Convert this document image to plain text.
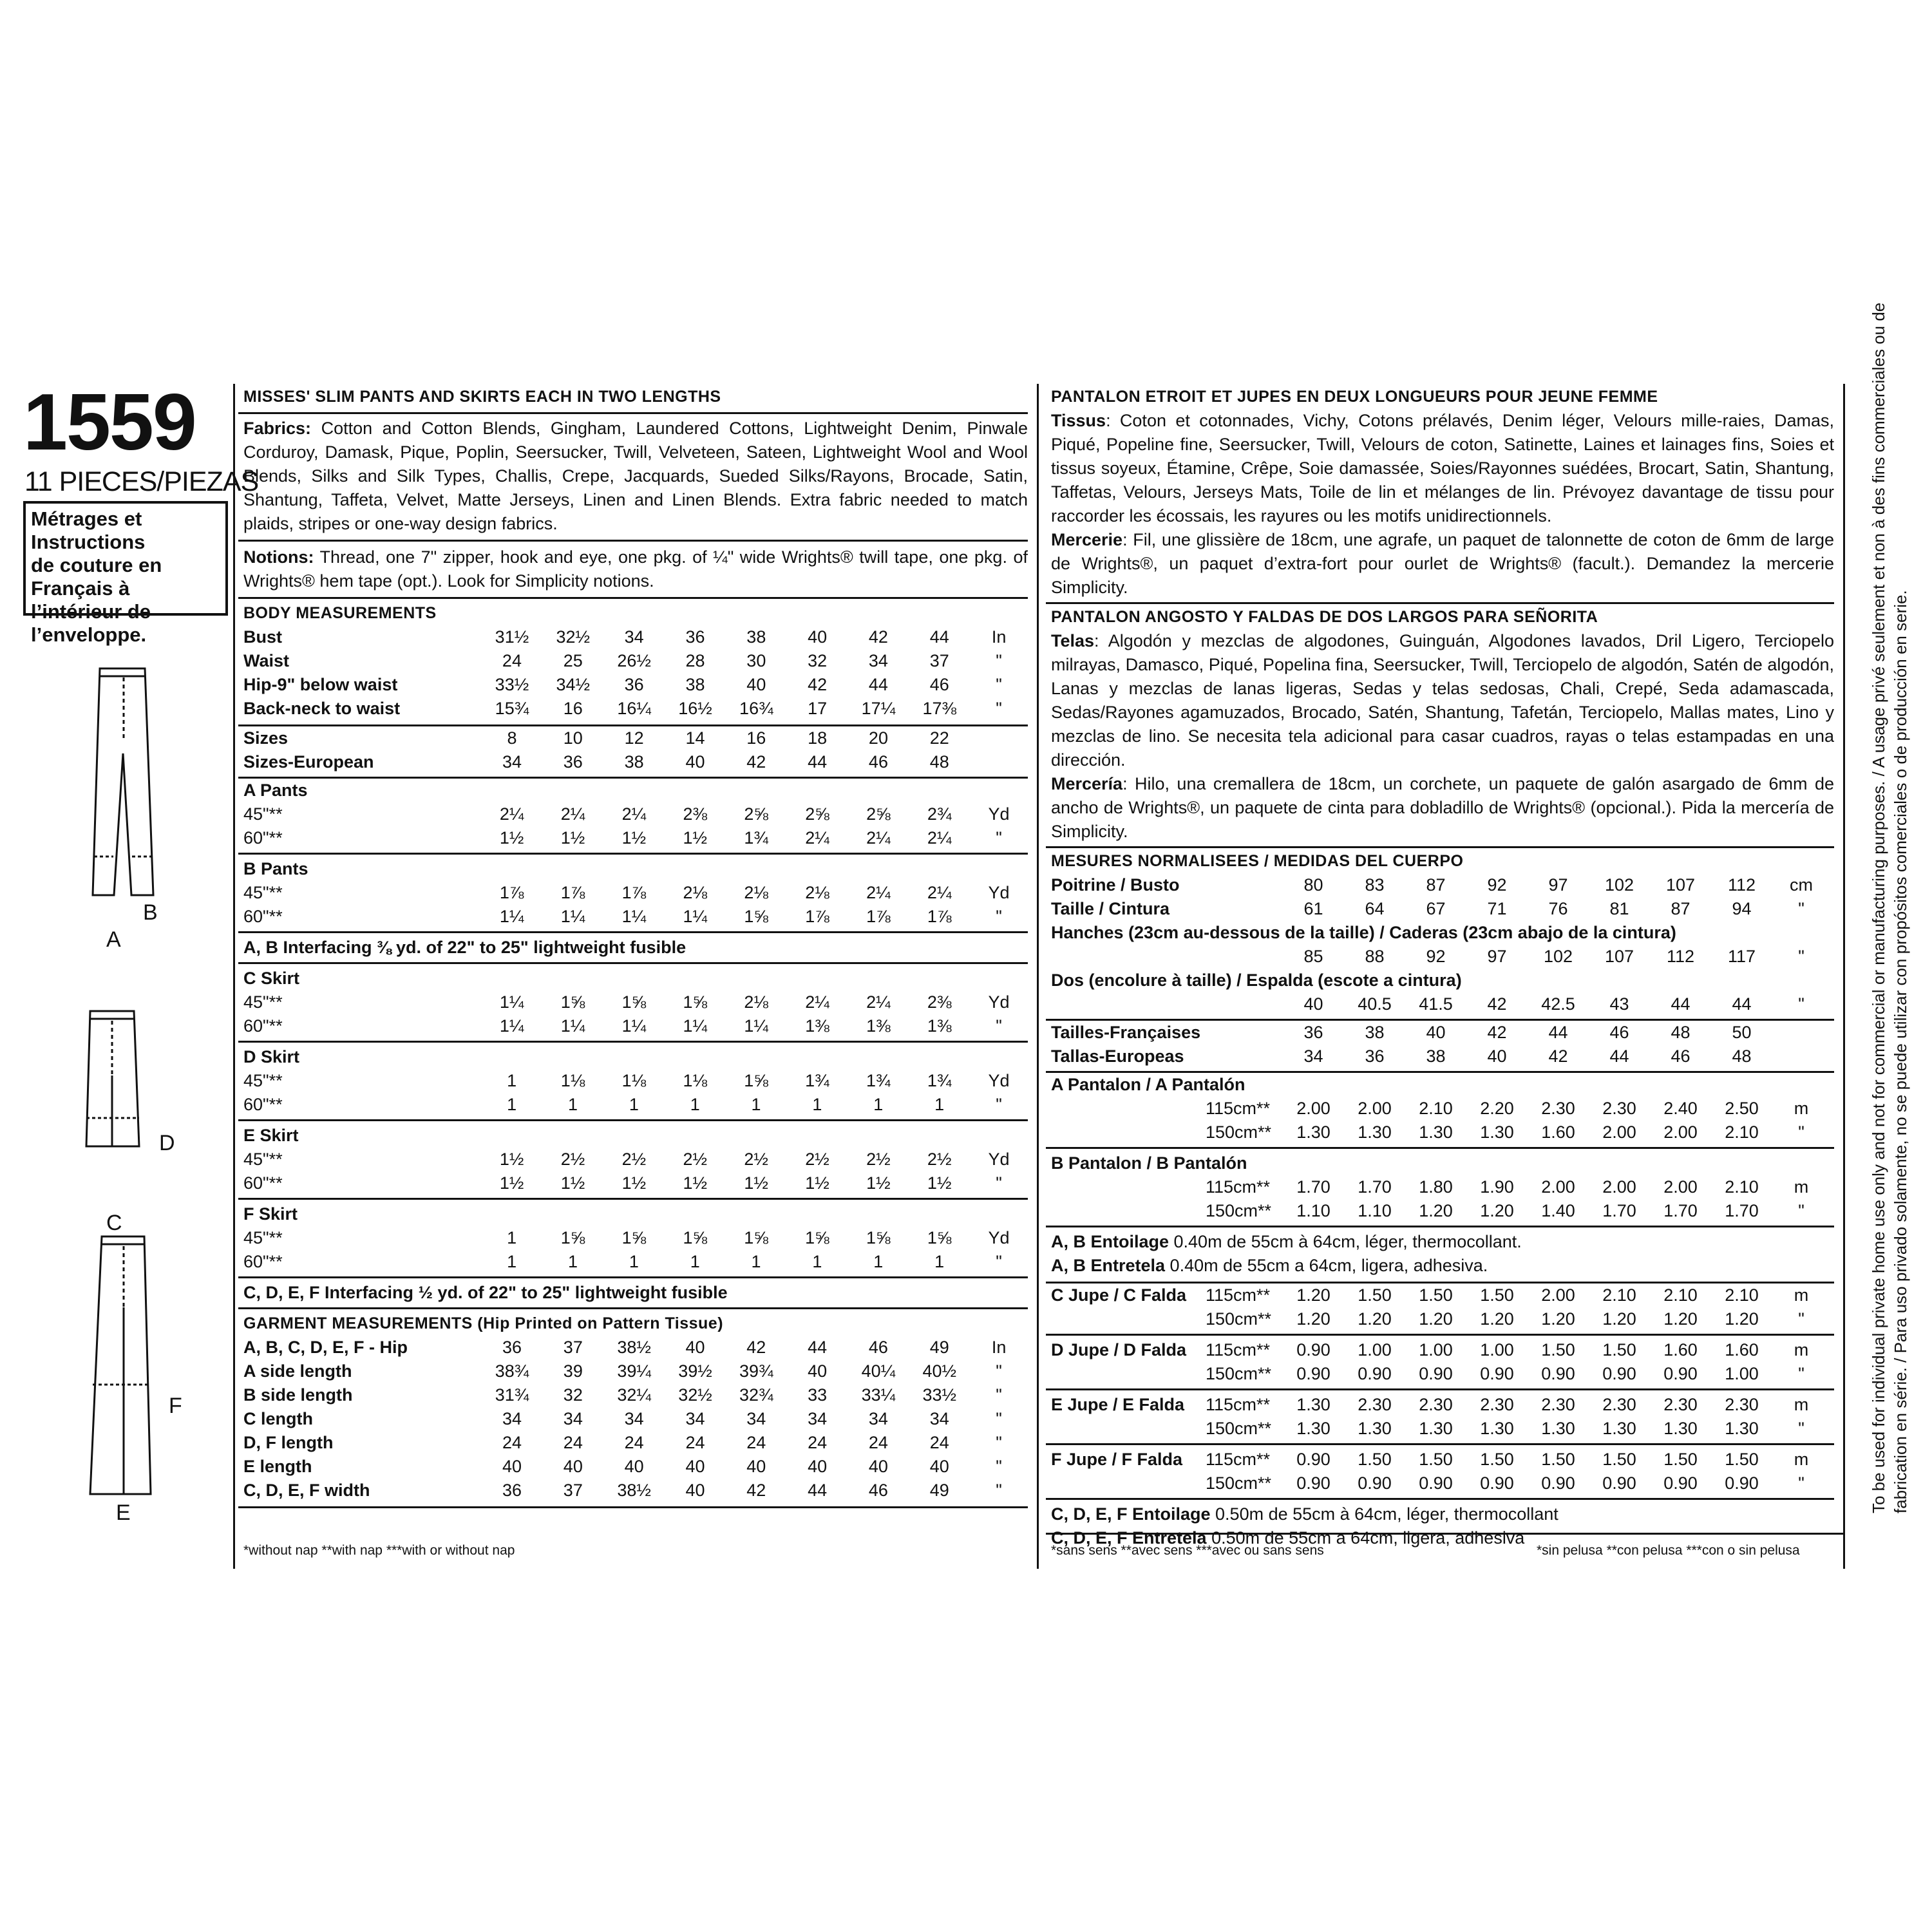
1559
11 PIECES/PIEZAS
Métrages et Instructions
de couture en Français à
l’intérieur de
l’enveloppe.
B
A
D
C
F
E
MISSES' SLIM PANTS AND SKIRTS EACH IN TWO LENGTHS

Fabrics: Cotton and Cotton Blends, Gingham, Laundered Cottons, Lightweight Denim, Pinwale Corduroy, Damask, Pique, Poplin, Seersucker, Twill, Velveteen, Sateen, Lightweight Wool and Wool Blends, Silks and Silk Types, Challis, Crepe, Jacquards, Sueded Silks/Rayons, Brocade, Satin, Shantung, Taffeta, Velvet, Matte Jerseys, Linen and Linen Blends. Extra fabric needed to match plaids, stripes or one-way design fabrics.

Notions: Thread, one 7" zipper, hook and eye, one pkg. of ¼" wide Wrights® twill tape, one pkg. of Wrights® hem tape (opt.). Look for Simplicity notions.

BODY MEASUREMENTS
Bust	31½	32½	34	36	38	40	42	44	In
Waist	24	25	26½	28	30	32	34	37	"
Hip-9" below waist	33½	34½	36	38	40	42	44	46	"
Back-neck to waist	15¾	16	16¼	16½	16¾	17	17¼	17⅜	"
Sizes	8	10	12	14	16	18	20	22	
Sizes-European	34	36	38	40	42	44	46	48	
A Pants
45"**	2¼	2¼	2¼	2⅜	2⅝	2⅝	2⅝	2¾	Yd
60"**	1½	1½	1½	1½	1¾	2¼	2¼	2¼	"
B Pants
45"**	1⅞	1⅞	1⅞	2⅛	2⅛	2⅛	2¼	2¼	Yd
60"**	1¼	1¼	1¼	1¼	1⅝	1⅞	1⅞	1⅞	"
A, B Interfacing ⅜ yd. of 22" to 25" lightweight fusible
C Skirt
45"**	1¼	1⅝	1⅝	1⅝	2⅛	2¼	2¼	2⅜	Yd
60"**	1¼	1¼	1¼	1¼	1¼	1⅜	1⅜	1⅜	"
D Skirt
45"**	1	1⅛	1⅛	1⅛	1⅝	1¾	1¾	1¾	Yd
60"**	1	1	1	1	1	1	1	1	"
E Skirt
45"**	1½	2½	2½	2½	2½	2½	2½	2½	Yd
60"**	1½	1½	1½	1½	1½	1½	1½	1½	"
F Skirt
45"**	1	1⅝	1⅝	1⅝	1⅝	1⅝	1⅝	1⅝	Yd
60"**	1	1	1	1	1	1	1	1	"
C, D, E, F Interfacing ½ yd. of 22" to 25" lightweight fusible
GARMENT MEASUREMENTS (Hip Printed on Pattern Tissue)
A, B, C, D, E, F - Hip	36	37	38½	40	42	44	46	49	In
A side length	38¾	39	39¼	39½	39¾	40	40¼	40½	"
B side length	31¾	32	32¼	32½	32¾	33	33¼	33½	"
C length	34	34	34	34	34	34	34	34	"
D, F length	24	24	24	24	24	24	24	24	"
E length	40	40	40	40	40	40	40	40	"
C, D, E, F width	36	37	38½	40	42	44	46	49	"
*without nap **with nap ***with or without nap
PANTALON ETROIT ET JUPES EN DEUX LONGUEURS POUR JEUNE FEMME

Tissus: Coton et cotonnades, Vichy, Cotons prélavés, Denim léger, Velours mille-raies, Damas, Piqué, Popeline fine, Seersucker, Twill, Velours de coton, Satinette, Laines et lainages fins, Soies et tissus soyeux, Étamine, Crêpe, Soie damassée, Soies/Rayonnes suédées, Brocart, Satin, Shantung, Taffetas, Velours, Jerseys Mats, Toile de lin et mélanges de lin. Prévoyez davantage de tissu pour raccorder les écossais, les rayures ou les motifs unidirectionnels.

Mercerie: Fil, une glissière de 18cm, une agrafe, un paquet de talonnette de coton de 6mm de large de Wrights®, un paquet d’extra-fort pour ourlet de Wrights® (facult.). Demandez la mercerie Simplicity.

PANTALON ANGOSTO Y FALDAS DE DOS LARGOS PARA SEÑORITA

Telas: Algodón y mezclas de algodones, Guinguán, Algodones lavados, Dril Ligero, Terciopelo milrayas, Damasco, Piqué, Popelina fina, Seersucker, Twill, Terciopelo de algodón, Satén de algodón, Lanas y mezclas de lanas ligeras, Sedas y telas sedosas, Chali, Crepé, Seda adamascada, Sedas/Rayones agamuzados, Brocado, Satén, Shantung, Tafetán, Terciopelo, Mallas mates, Lino y mezclas de lino. Se necesita tela adicional para casar cuadros, rayas o telas estampadas en una dirección.

Mercería: Hilo, una cremallera de 18cm, un corchete, un paquete de galón asargado de 6mm de ancho de Wrights®, un paquete de cinta para dobladillo de Wrights® (opcional.). Pida la mercería de Simplicity.

MESURES NORMALISEES / MEDIDAS DEL CUERPO
Poitrine / Busto	80	83	87	92	97	102	107	112	cm
Taille / Cintura	61	64	67	71	76	81	87	94	"
Hanches (23cm au-dessous de la taille) / Caderas (23cm abajo de la cintura)
	85	88	92	97	102	107	112	117	"
Dos (encolure à taille) / Espalda (escote a cintura)
	40	40.5	41.5	42	42.5	43	44	44	"
Tailles-Françaises	36	38	40	42	44	46	48	50	
Tallas-Europeas	34	36	38	40	42	44	46	48	
A Pantalon / A Pantalón
	115cm**	2.00	2.00	2.10	2.20	2.30	2.30	2.40	2.50	m
	150cm**	1.30	1.30	1.30	1.30	1.60	2.00	2.00	2.10	"
B Pantalon / B Pantalón
	115cm**	1.70	1.70	1.80	1.90	2.00	2.00	2.00	2.10	m
	150cm**	1.10	1.10	1.20	1.20	1.40	1.70	1.70	1.70	"
A, B Entoilage 0.40m de 55cm à 64cm, léger, thermocollant.
A, B Entretela 0.40m de 55cm a 64cm, ligera, adhesiva.
C Jupe / C Falda	115cm**	1.20	1.50	1.50	1.50	2.00	2.10	2.10	2.10	m
	150cm**	1.20	1.20	1.20	1.20	1.20	1.20	1.20	1.20	"
D Jupe / D Falda	115cm**	0.90	1.00	1.00	1.00	1.50	1.50	1.60	1.60	m
	150cm**	0.90	0.90	0.90	0.90	0.90	0.90	0.90	1.00	"
E Jupe / E Falda	115cm**	1.30	2.30	2.30	2.30	2.30	2.30	2.30	2.30	m
	150cm**	1.30	1.30	1.30	1.30	1.30	1.30	1.30	1.30	"
F Jupe / F Falda	115cm**	0.90	1.50	1.50	1.50	1.50	1.50	1.50	1.50	m
	150cm**	0.90	0.90	0.90	0.90	0.90	0.90	0.90	0.90	"
C, D, E, F Entoilage 0.50m de 55cm à 64cm, léger, thermocollant
C, D, E, F Entretela 0.50m de 55cm a 64cm, ligera, adhesiva
*sans sens **avec sens ***avec ou sans sens	*sin pelusa **con pelusa ***con o sin pelusa
To be used for individual private home use only and not for commercial or manufacturing purposes. / A usage privé seulement et non à des fins commerciales ou de fabrication en série. / Para uso privado solamente, no se puede utilizar con propósitos comerciales o de producción en serie.
